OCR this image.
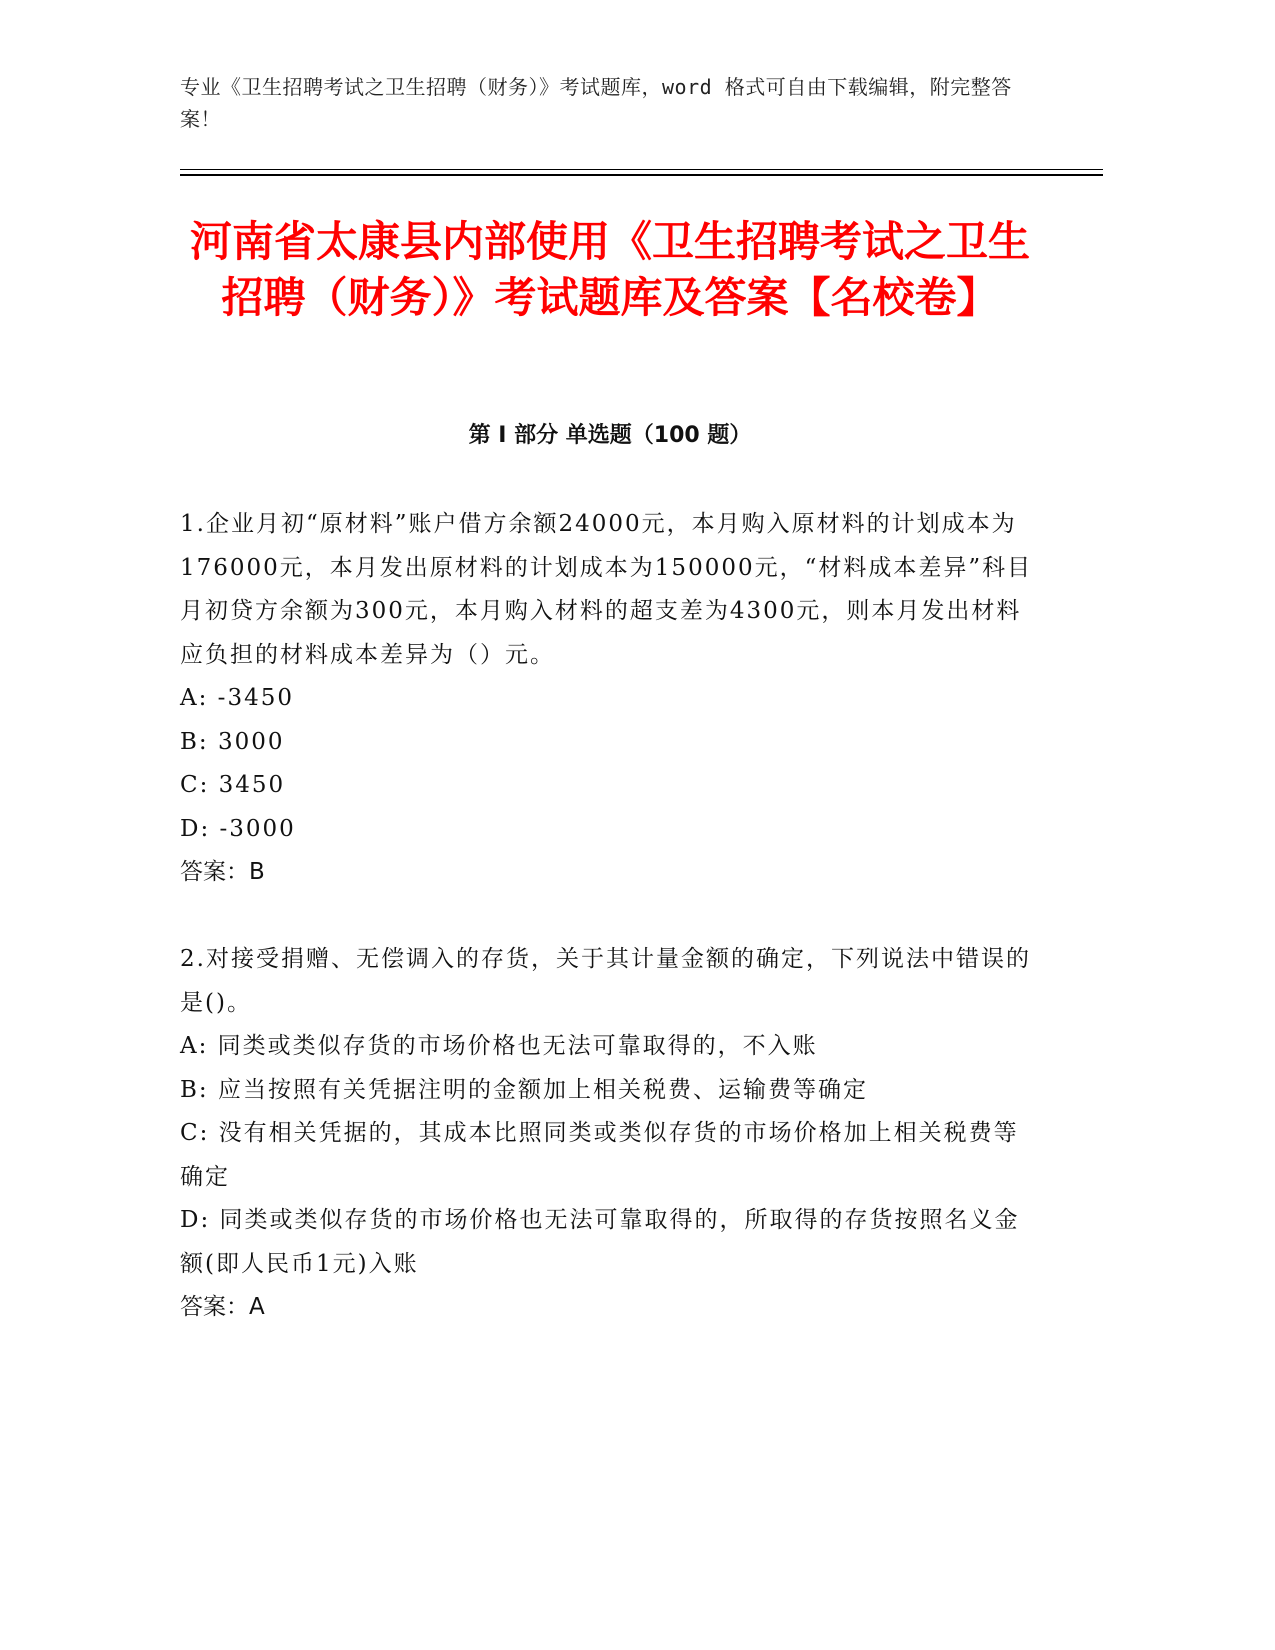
专业《卫生招聘考试之卫生招聘（财务）》考试题库，word 格式可自由下载编辑，附完整答案！
河南省太康县内部使用《卫生招聘考试之卫生招聘（财务）》考试题库及答案【名校卷】
第 I 部分 单选题（100 题）

1.企业月初“原材料”账户借方余额24000元，本月购入原材料的计划成本为176000元，本月发出原材料的计划成本为150000元，“材料成本差异”科目月初贷方余额为300元，本月购入材料的超支差为4300元，则本月发出材料应负担的材料成本差异为（）元。

A: -3450

B: 3000

C: 3450

D: -3000

答案：B

2.对接受捐赠、无偿调入的存货，关于其计量金额的确定，下列说法中错误的是()。

A: 同类或类似存货的市场价格也无法可靠取得的，不入账

B: 应当按照有关凭据注明的金额加上相关税费、运输费等确定

C: 没有相关凭据的，其成本比照同类或类似存货的市场价格加上相关税费等确定

D: 同类或类似存货的市场价格也无法可靠取得的，所取得的存货按照名义金额(即人民币1元)入账

答案：A
